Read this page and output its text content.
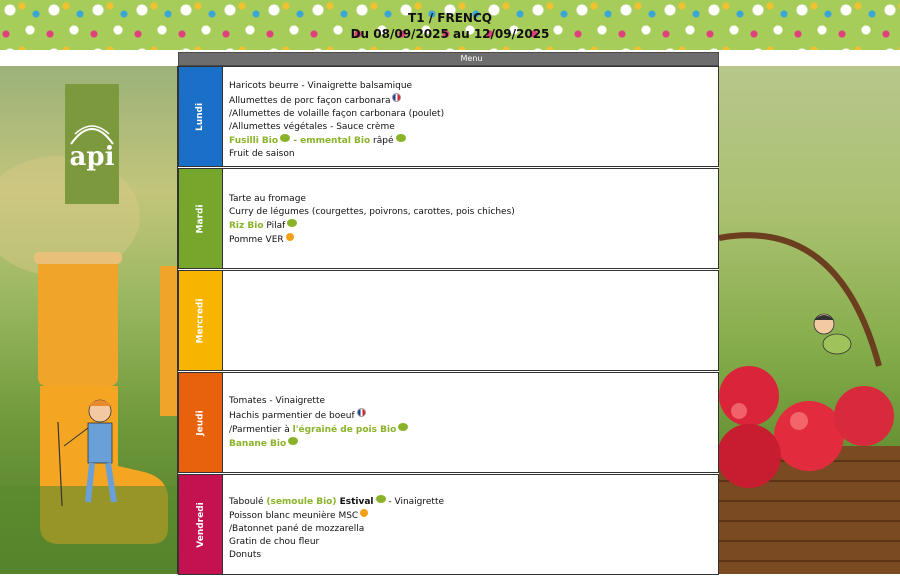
T1 / FRENCQ
Du 08/09/2025 au 12/09/2025
api
Menu
Lundi
Haricots beurre - Vinaigrette balsamique
Allumettes de porc façon carbonara
/Allumettes de volaille façon carbonara (poulet)
/Allumettes végétales - Sauce crème
Fusilli Bio - emmental Bio râpé
Fruit de saison
Mardi
Tarte au fromage
Curry de légumes (courgettes, poivrons, carottes, pois chiches)
Riz Bio Pilaf
Pomme VER
Mercredi
Jeudi
Tomates - Vinaigrette
Hachis parmentier de boeuf
/Parmentier à l'égrainé de pois Bio
Banane Bio
Vendredi	Taboulé (semoule Bio) Estival - Vinaigrette
Poisson blanc meunière MSC
/Batonnet pané de mozzarella
Gratin de chou fleur
Donuts
